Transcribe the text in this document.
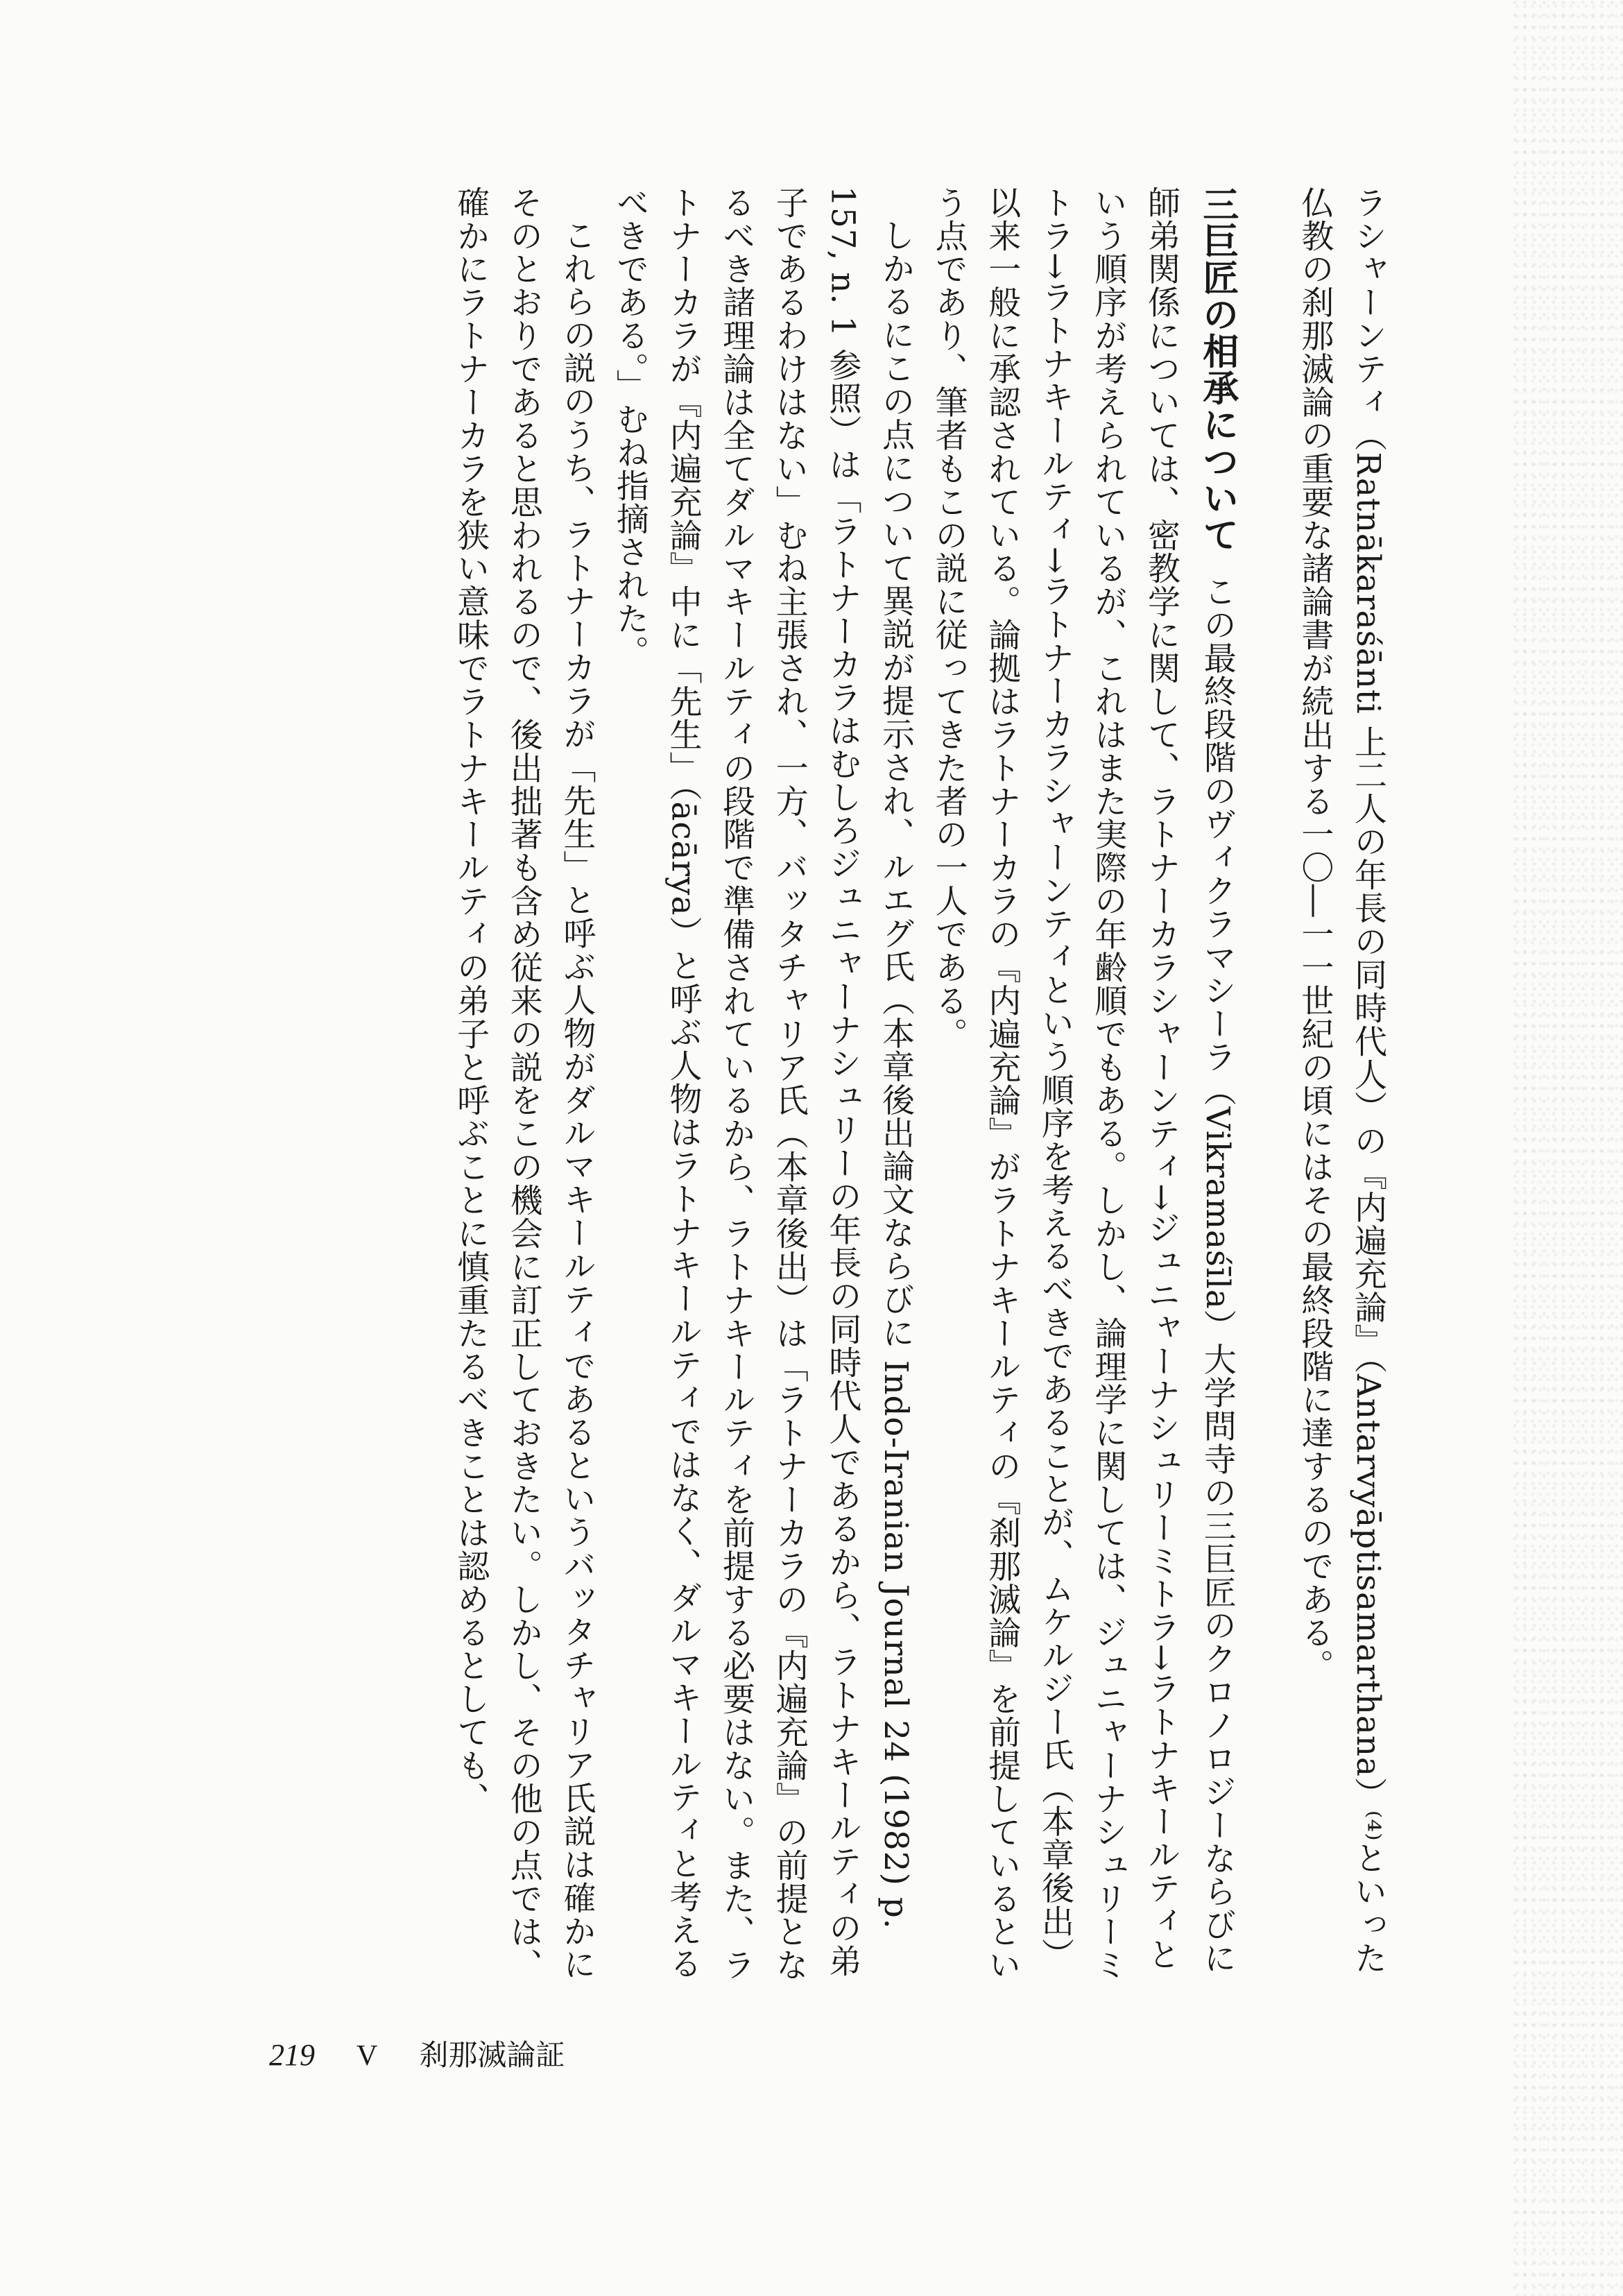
ラシャーンティ（Ratnākaraśānti 上二人の年長の同時代人）の『内遍充論』（Antarvyāptisamarthana）⁽⁴⁾といった仏教の刹那滅論の重要な諸論書が続出する一〇―一一世紀の頃にはその最終段階に達するのである。

三巨匠の相承についてこの最終段階のヴィクラマシーラ（Vikramaśīla）大学問寺の三巨匠のクロノロジーならびに師弟関係については、密教学に関して、ラトナーカラシャーンティ→ジュニャーナシュリーミトラ→ラトナキールティという順序が考えられているが、これはまた実際の年齢順でもある。しかし、論理学に関しては、ジュニャーナシュリーミトラ→ラトナキールティ→ラトナーカラシャーンティという順序を考えるべきであることが、ムケルジー氏（本章後出）以来一般に承認されている。論拠はラトナーカラの『内遍充論』がラトナキールティの『刹那滅論』を前提しているという点であり、筆者もこの説に従ってきた者の一人である。

しかるにこの点について異説が提示され、ルエグ氏（本章後出論文ならびに Indo-Iranian Journal 24 (1982) p. 157, n. 1 参照）は「ラトナーカラはむしろジュニャーナシュリーの年長の同時代人であるから、ラトナキールティの弟子であるわけはない」むね主張され、一方、バッタチャリア氏（本章後出）は「ラトナーカラの『内遍充論』の前提となるべき諸理論は全てダルマキールティの段階で準備されているから、ラトナキールティを前提する必要はない。また、ラトナーカラが『内遍充論』中に「先生」（ācārya）と呼ぶ人物はラトナキールティではなく、ダルマキールティと考えるべきである。」むね指摘された。

これらの説のうち、ラトナーカラが「先生」と呼ぶ人物がダルマキールティであるというバッタチャリア氏説は確かにそのとおりであると思われるので、後出拙著も含め従来の説をこの機会に訂正しておきたい。しかし、その他の点では、確かにラトナーカラを狭い意味でラトナキールティの弟子と呼ぶことに慎重たるべきことは認めるとしても、

219 V 刹那滅論証
